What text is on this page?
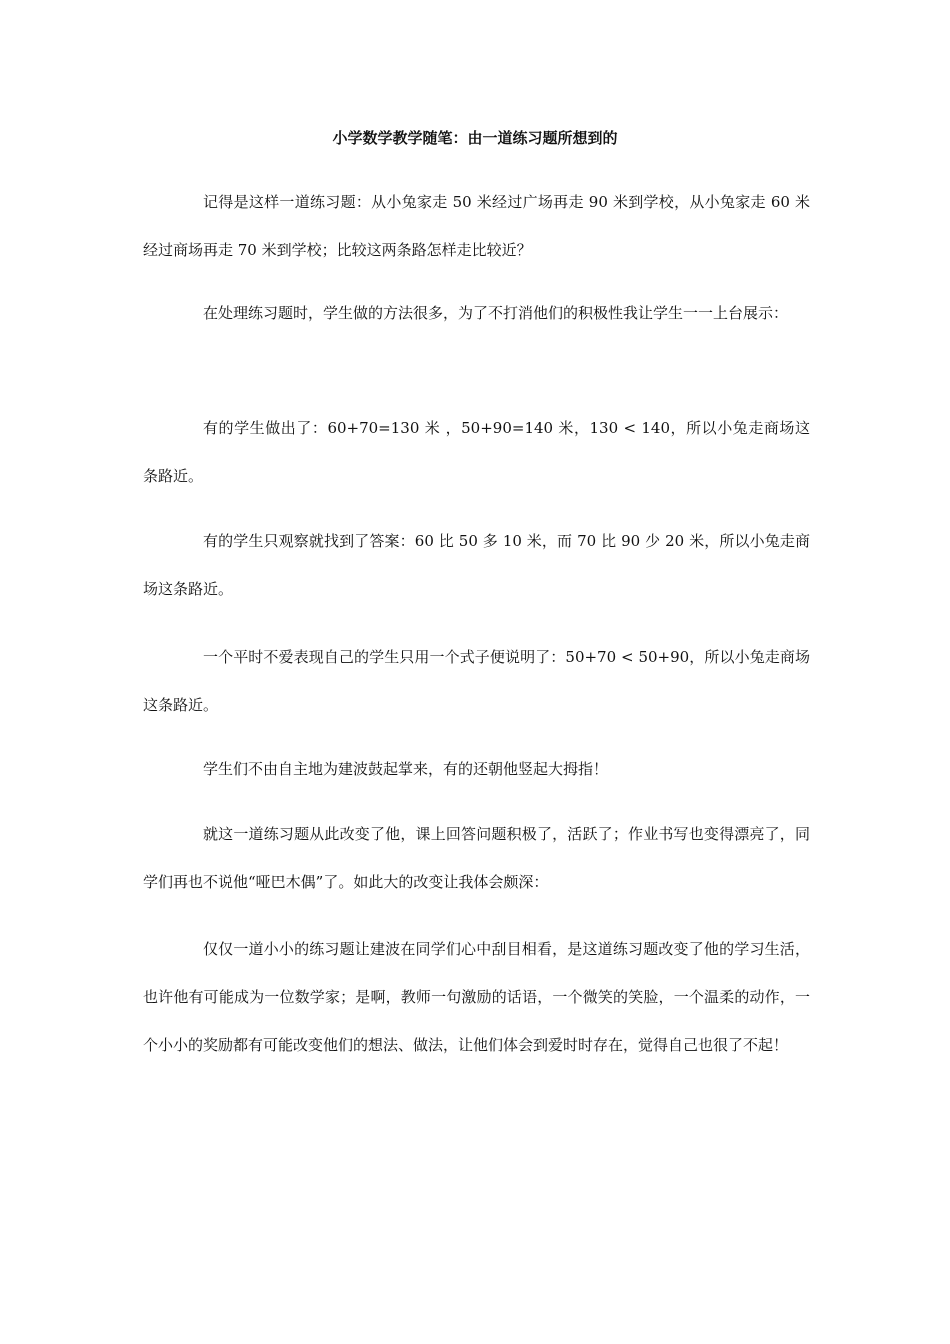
小学数学教学随笔：由一道练习题所想到的

记得是这样一道练习题：从小兔家走 50 米经过广场再走 90 米到学校，从小兔家走 60 米经过商场再走 70 米到学校；比较这两条路怎样走比较近？

在处理练习题时，学生做的方法很多，为了不打消他们的积极性我让学生一一上台展示：

有的学生做出了：60+70=130 米 ，50+90=140 米，130 < 140，所以小兔走商场这条路近。

有的学生只观察就找到了答案：60 比 50 多 10 米，而 70 比 90 少 20 米，所以小兔走商场这条路近。

一个平时不爱表现自己的学生只用一个式子便说明了：50+70 < 50+90，所以小兔走商场这条路近。

学生们不由自主地为建波鼓起掌来，有的还朝他竖起大拇指！

就这一道练习题从此改变了他，课上回答问题积极了，活跃了；作业书写也变得漂亮了，同学们再也不说他“哑巴木偶”了。如此大的改变让我体会颇深：

仅仅一道小小的练习题让建波在同学们心中刮目相看，是这道练习题改变了他的学习生活，也许他有可能成为一位数学家；是啊，教师一句激励的话语，一个微笑的笑脸，一个温柔的动作，一个小小的奖励都有可能改变他们的想法、做法，让他们体会到爱时时存在，觉得自己也很了不起！
